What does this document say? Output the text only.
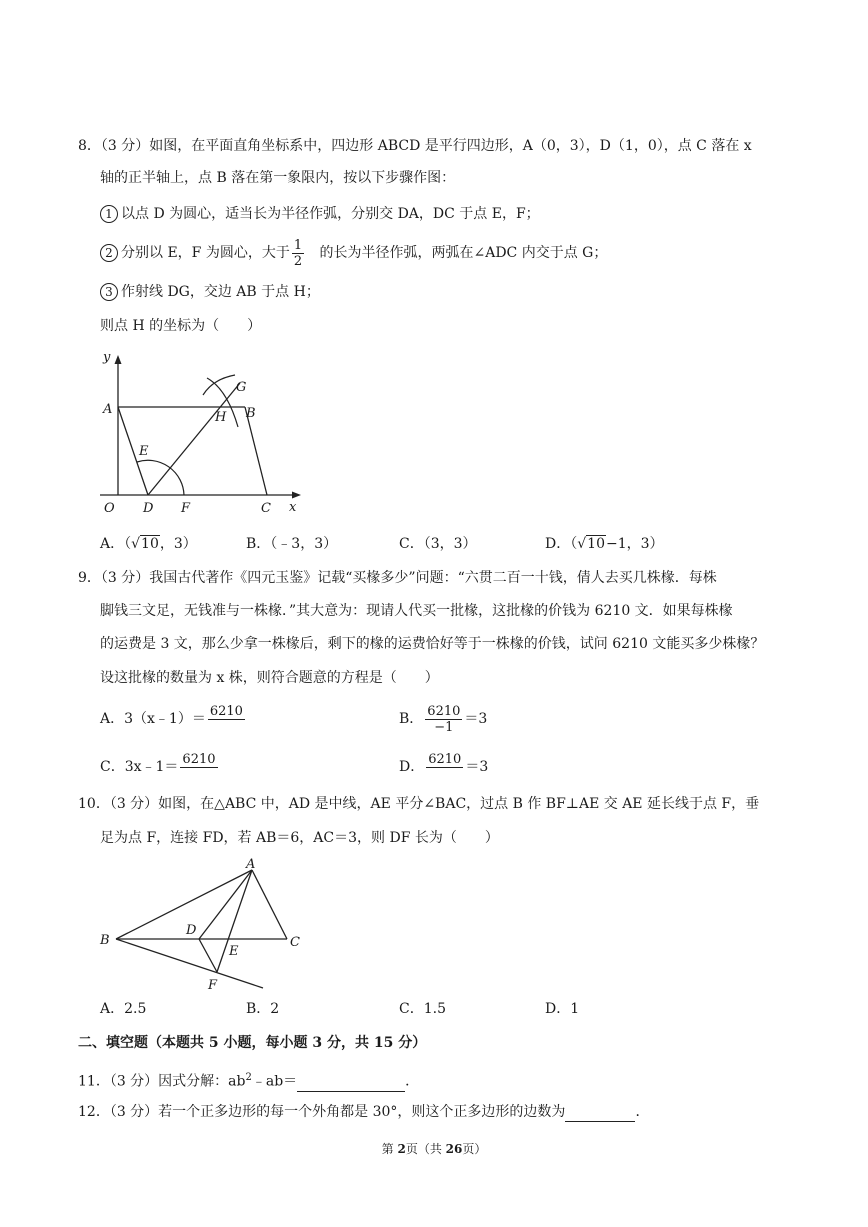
8．（3 分）如图，在平面直角坐标系中，四边形 ABCD 是平行四边形，A（0，3），D（1，0），点 C 落在 x
轴的正半轴上，点 B 落在第一象限内，按以下步骤作图：
1 以点 D 为圆心，适当长为半径作弧，分别交 DA，DC 于点 E，F；
2 分别以 E，F 为圆心，大于 $\frac{1}{2}$ 的长为半径作弧，两弧在∠ADC 内交于点 G；
3 作射线 DG，交边 AB 于点 H；
则点 H 的坐标为（　　）
y
A
G
H B
E
O D F	C x
A．（√10，3）	B．（﹣3，3）	C．（3，3）	D．（√10−1，3）
9．（3 分）我国古代著作《四元玉鉴》记载“买椽多少”问题：“六贯二百一十钱，倩人去买几株椽．每株
脚钱三文足，无钱准与一株椽．”其大意为：现请人代买一批椽，这批椽的价钱为 6210 文．如果每株椽
的运费是 3 文，那么少拿一株椽后，剩下的椽的运费恰好等于一株椽的价钱，试问 6210 文能买多少株椽？
设这批椽的数量为 x 株，则符合题意的方程是（　　）
A．3（x﹣1）＝ 6210
	B． $\frac{6210}{-1} =3$
C．3x﹣1＝ 6210
	D． 6210
＝3
10．（3 分）如图，在△ABC 中，AD 是中线，AE 平分∠BAC，过点 B 作 BF⊥AE 交 AE 延长线于点 F，垂
足为点 F，连接 FD，若 AB＝6，AC＝3，则 DF 长为（　　）
A
B
D
E
C
F
A．2.5	B．2	C．1.5	D．1
二、填空题（本题共 5 小题，每小题 3 分，共 15 分）
11．（3 分）因式分解：$ab^2﹣ab=$	．
12．（3 分）若一个正多边形的每一个外角都是 30°，则这个正多边形的边数为	．
第 2页（共 26页）
